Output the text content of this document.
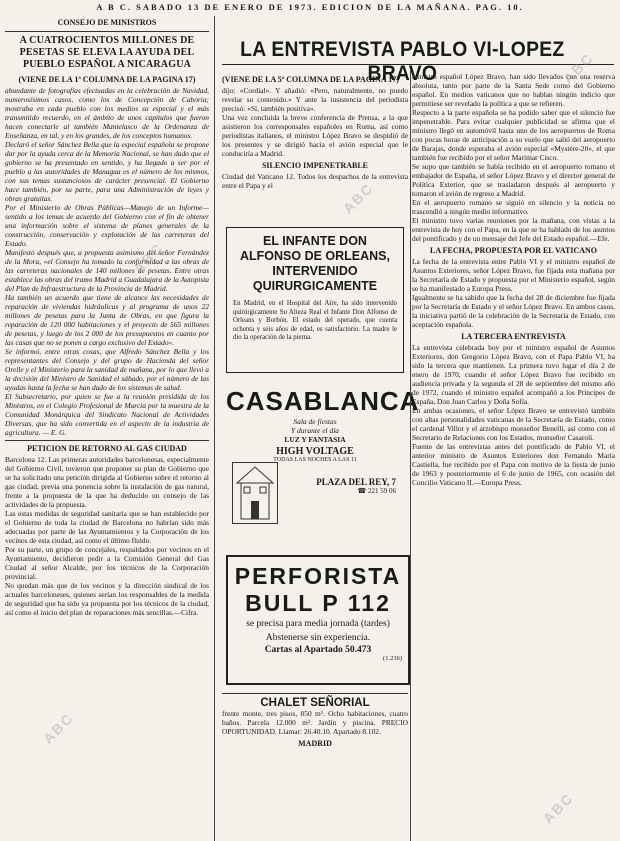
A B C. SABADO 13 DE ENERO DE 1973. EDICION DE LA MAÑANA. PAG. 10.
CONSEJO DE MINISTROS
A CUATROCIENTOS MILLONES DE PESETAS SE ELEVA LA AYUDA DEL PUEBLO ESPAÑOL A NICARAGUA
(VIENE DE LA 1ª COLUMNA DE LA PAGINA 17)

abundante de fotografías efectuadas en la celebración de Navidad, numerosísimos casos, como los de Concepción de Caboria; mostraba en cada pueblo con los medios su especial y el más transmitido recuerdo, en el ámbito de unos capítulos que fueron hacen conectarle al también Mantelasco de la Ordenanza de Enseñanza, en tal, y en los grandes, de los conceptos humanos.

Declaró el señor Sánchez Bella que la especial española se propone dar por la ayuda cerca de la Memoria Nacional, se han dado que el gobierno se ha presentado en sentido, y ha llegado a ser por el pueblo a las autoridades de Managua es el número de los mismos, con sus temas sustanciosos de carácter presencial. El Gobierno hace también, por su parte, para una Administración de leyes y obras gratuitas.

Por el Ministerio de Obras Públicas—Manejo de un Informe—sentido a los temas de acuerdo del Gobierno con el fin de obtener una información sobre el sistema de planes generales de la construcción, conservación y explotación de las carreteras del Estado.

Manifestó después que, a propuesta asimismo del señor Fernández de la Mora, «el Consejo ha tomado la conformidad a las obras de las carreteras nacionales de 140 millones de pesetas. Entre otras establece las obras del tramo Madrid a Guadalajara de la Autopista del Plan de Infraestructura de la Provincia de Madrid.

Ha también un acuerdo que tiene de alcance las necesidades de reparación de viviendas hidráulicas y al programa de unos 22 millones de pesetas para la Junta de Obras, en que figura la reparación de 120 000 habitaciones y el proyecto de 565 millones de pesetas, y luego de los 2 000 de los presupuestos en cuanto por las casas que no se ponen a cargo exclusivo del Estado».

Se informó, entre otras cosas, que Alfredo Sánchez Bella y los representantes del Consejo y del grupo de Hacienda del señor Orelle y el Ministerio para la sanidad de mañana, por lo que llevó a la decisión del Ministro de Sanidad el sábado, por el número de las ayudas hasta la fecha se han dado de los sistemas de salud.

El Subsecretario, por quien se fue a la reunión presidida de los Ministros, en el Colegio Profesional de Murcia por la muestra de la Comunidad Monárquica del Sindicato Nacional de Actividades Diversas, que ha sido convertida en el aspecto de la industria de agricultura. — E. G.

PETICION DE RETORNO AL GAS CIUDAD

Barcelona 12. Las primeras autoridades barcelonesas, especialmente del Gobierno Civil, tuvieron que proponer su plan de Gobierno que se ha solicitado una petición dirigida al Gobierno sobre el retorno al gas ciudad, previa una ponencia sobre la instalación de gas natural, frente a la propuesta de la que ha deducido un consejo de las actividades de la propuesta.

Las estas medidas de seguridad sanitaria que se han establecido por el Gobierno de toda la ciudad de Barcelona no habrían sido más adecuadas por parte de las Ayuntamientos y la Corporación de los vecinos de esta ciudad, así como el último fluido.

Por su parte, un grupo de concejales, respaldados por vecinos en el Ayuntamiento, decidieron pedir a la Comisión General del Gas Ciudad al señor Alcalde, por los técnicos de la Corporación provincial.

No quedan más que de los vecinos y la dirección sindical de los actuales barceloneses, quienes serían los responsables de la medida de seguridad que ha sido ya propuesta por los técnicos de la ciudad, así como el inicio del plan de reparaciones más sencillas.—Cifra.

LA ENTREVISTA PABLO VI-LOPEZ BRAVO
(VIENE DE LA 5ª COLUMNA DE LA PAGINA 17)

dijo: «Cordial». Y añadió: «Pero, naturalmente, no puedo revelar su contenido.» Y ante la insistencia del periodista precisó: «Sí, también positiva».

Una vez concluida la breve conferencia de Prensa, a la que asistieron los corresponsales españoles en Roma, así como periodistas italianos, el ministro López Bravo se despidió de los presentes y se dirigió hacia el avión especial que le conduciría a Madrid.

SILENCIO IMPENETRABLE

Ciudad del Vaticano 12. Todos los despachos de la entrevista entre el Papa y el

EL INFANTE DON ALFONSO DE ORLEANS, INTERVENIDO QUIRURGICAMENTE

En Madrid, en el Hospital del Aire, ha sido intervenido quirúrgicamente Su Alteza Real el Infante Don Alfonso de Orleans y Borbón. El estado del operado, que cuenta ochenta y seis años de edad, es satisfactorio. La madre le dio la operación de la pierna.

CASABLANCA
Sala de fiestas
Y durante el día
LUZ Y FANTASIA
HIGH VOLTAGE
TODAS LAS NOCHES A LAS 11
PLAZA DEL REY, 7
☎ 221 59 06
PERFORISTA
BULL P 112
se precisa para media jornada (tardes)
Abstenerse sin experiencia.
Cartas al Apartado 50.473
(1.236)
CHALET SEÑORIAL

frente monte, tres pisos, 850 m². Ocho habitaciones, cuatro baños. Parcela 12.000 m². Jardín y piscina. PRECIO OPORTUNIDAD. Llamar: 26.40.10. Apartado 8.102.

MADRID

ministro español López Bravo, han sido llevados con una reserva absoluta, tanto por parte de la Santa Sede como del Gobierno español. En medios vaticanos que no hablan ningún indicio que permitiese ser revelado la política a que se refieren.

Respecto a la parte española se ha podido saber que el silencio fue impenetrable. Para evitar cualquier publicidad se afirma que el ministro llegó en automóvil hasta uno de los aeropuertos de Roma con pocas horas de anticipación a su vuelo que salió del aeropuerto de Barajas, donde esperaba el avión especial «Mystère-20», el que también fue recibido por el señor Marimar Cisco.

Se supo que también se había recibido en el aeropuerto romano el embajador de España, el señor López Bravo y el director general de Política Exterior, que se trasladaron después al aeropuerto y tomaron el avión de regreso a Madrid.

En el aeropuerto romano se siguió en silencio y la noticia no trascendió a ningún medio informativo.

El ministro tuvo varias reuniones por la mañana, con vistas a la entrevista de hoy con el Papa, en la que se ha hablado de los asuntos del pontificado y de un mensaje del Jefe del Estado español.—Efe.

LA FECHA, PROPUESTA POR EL VATICANO

La fecha de la entrevista entre Pablo VI y el ministro español de Asuntos Exteriores, señor López Bravo, fue fijada esta mañana por la Secretaría de Estado y propuesta por el Ministerio español, según se ha manifestado a Europa Press.

Igualmente se ha sabido que la fecha del 28 de diciembre fue fijada por la Secretaría de Estado y el señor López Bravo. En ambos casos, la iniciativa partió de la celebración de la Secretaría de Estado, con aceptación española.

LA TERCERA ENTREVISTA

La entrevista celebrada hoy por el ministro español de Asuntos Exteriores, don Gregorio López Bravo, con el Papa Pablo VI, ha sido la tercera que mantienen. La primera tuvo lugar el día 2 de enero de 1970, cuando el señor López Bravo fue recibido en audiencia privada y la segunda el 28 de septiembre del mismo año de 1972, cuando el ministro español acompañó a los Príncipes de España, Don Juan Carlos y Doña Sofía.

En ambas ocasiones, el señor López Bravo se entrevistó también con altas personalidades vaticanas de la Secretaría de Estado, como el cardenal Villot y el arzobispo monseñor Benelli, así como con el Secretario de Relaciones con los Estados, monseñor Casaroli.

Fuente de las entrevistas antes del pontificado de Pablo VI, el anterior ministro de Asuntos Exteriores don Fernando María Castiella, fue recibido por el Papa con motivo de la fiesta de junio de 1963 y posteriormente el 6 de junio de 1965, con ocasión del Concilio Vaticano II.—Europa Press.

ABC
ABC
ABC
ABC
ABC
